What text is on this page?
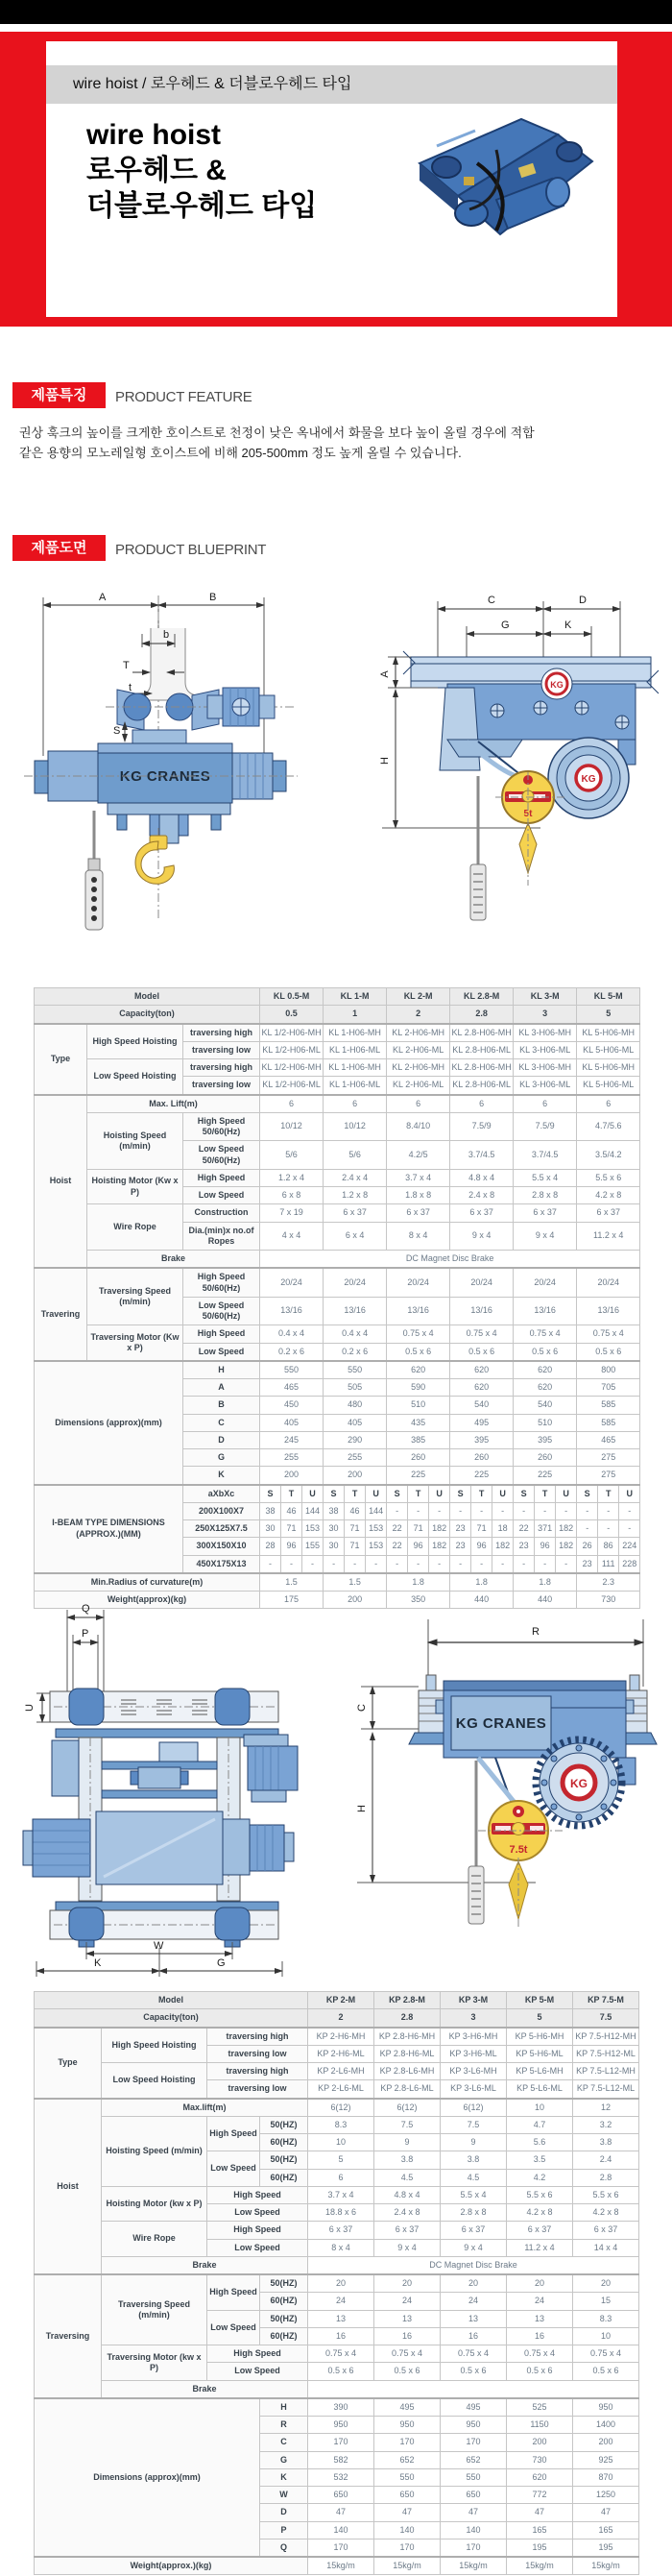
wire hoist / 로우헤드 & 더블로우헤드 타입
wire hoist
로우헤드 &
더블로우헤드 타입
제품특징	PRODUCT FEATURE
권상 훅크의 높이를 크게한 호이스트로 천정이 낮은 옥내에서 화물을 보다 높이 올릴 경우에 적합
같은 용향의 모노레일형 호이스트에 비해 205-500mm 정도 높게 올릴 수 있습니다.
제품도면	PRODUCT BLUEPRINT
A	B
b
T
t
S
KG CRANES
C	D
G	K
A
H
KG
KG
5t
Model			KL 0.5-M			KL 1-M			KL 2-M			KL 2.8-M			KL 3-M			KL 5-M		
Capacity(ton)			0.5			1			2			2.8			3			5		
Type	High Speed Hoisting	traversing high	KL 1/2-H06-MH			KL 1-H06-MH			KL 2-H06-MH			KL 2.8-H06-MH			KL 3-H06-MH			KL 5-H06-MH		
		traversing low	KL 1/2-H06-ML			KL 1-H06-ML			KL 2-H06-ML			KL 2.8-H06-ML			KL 3-H06-ML			KL 5-H06-ML		
	Low Speed Hoisting	traversing high	KL 1/2-H06-MH			KL 1-H06-MH			KL 2-H06-MH			KL 2.8-H06-MH			KL 3-H06-MH			KL 5-H06-MH		
		traversing low	KL 1/2-H06-ML			KL 1-H06-ML			KL 2-H06-ML			KL 2.8-H06-ML			KL 3-H06-ML			KL 5-H06-ML		
Hoist	Max. Lift(m)		6			6			6			6			6			6		
	Hoisting Speed (m/min)	High Speed 50/60(Hz)	10/12			10/12			8.4/10			7.5/9			7.5/9			4.7/5.6		
		Low Speed 50/60(Hz)	5/6			5/6			4.2/5			3.7/4.5			3.7/4.5			3.5/4.2		
	Hoisting Motor (Kw x P)	High Speed	1.2 x 4			2.4 x 4			3.7 x 4			4.8 x 4			5.5 x 4			5.5 x 6		
		Low Speed	6 x 8			1.2 x 8			1.8 x 8			2.4 x 8			2.8 x 8			4.2 x 8		
	Wire Rope	Construction	7 x 19			6 x 37			6 x 37			6 x 37			6 x 37			6 x 37		
		Dia.(min)x no.of Ropes	4 x 4			6 x 4			8 x 4			9 x 4			9 x 4			11.2 x 4		
	Brake		DC Magnet Disc Brake																	
Travering	Traversing Speed (m/min)	High Speed 50/60(Hz)	20/24			20/24			20/24			20/24			20/24			20/24		
		Low Speed 50/60(Hz)	13/16			13/16			13/16			13/16			13/16			13/16		
	Traversing Motor (Kw x P)	High Speed	0.4 x 4			0.4 x 4			0.75 x 4			0.75 x 4			0.75 x 4			0.75 x 4		
		Low Speed	0.2 x 6			0.2 x 6			0.5 x 6			0.5 x 6			0.5 x 6			0.5 x 6		
Dimensions (approx)(mm)		H	550			550			620			620			620			800		
		A	465			505			590			620			620			705		
		B	450			480			510			540			540			585		
		C	405			405			435			495			510			585		
		D	245			290			385			395			395			465		
		G	255			255			260			260			260			275		
		K	200			200			225			225			225			275		
I-BEAM TYPE DIMENSIONS (APPROX.)(MM)		aXbXc	S	T	U	S	T	U	S	T	U	S	T	U	S	T	U	S	T	U
		200X100X7	38	46	144	38	46	144	-	-	-	-	-	-	-	-	-	-	-	-
		250X125X7.5	30	71	153	30	71	153	22	71	182	23	71	18	22	371	182	-	-	-
		300X150X10	28	96	155	30	71	153	22	96	182	23	96	182	23	96	182	26	86	224
		450X175X13	-	-	-	-	-	-	-	-	-	-	-	-	-	-	-	23	111	228
Min.Radius of curvature(m)			1.5			1.5			1.8			1.8			1.8			2.3		
Weight(approx)(kg)			175			200			350			440			440			730		
Q
P
U
W
K	G
R
C
H
KG CRANES
KG
7.5t
Model				KP 2-M	KP 2.8-M	KP 3-M	KP 5-M	KP 7.5-M
Capacity(ton)				2	2.8	3	5	7.5
Type	High Speed Hoisting	traversing high		KP 2-H6-MH	KP 2.8-H6-MH	KP 3-H6-MH	KP 5-H6-MH	KP 7.5-H12-MH
		traversing low		KP 2-H6-ML	KP 2.8-H6-ML	KP 3-H6-ML	KP 5-H6-ML	KP 7.5-H12-ML
	Low Speed Hoisting	traversing high		KP 2-L6-MH	KP 2.8-L6-MH	KP 3-L6-MH	KP 5-L6-MH	KP 7.5-L12-MH
		traversing low		KP 2-L6-ML	KP 2.8-L6-ML	KP 3-L6-ML	KP 5-L6-ML	KP 7.5-L12-ML
Hoist	Max.lift(m)			6(12)	6(12)	6(12)	10	12
	Hoisting Speed (m/min)	High Speed	50(HZ)	8.3	7.5	7.5	4.7	3.2
			60(HZ)	10	9	9	5.6	3.8
		Low Speed	50(HZ)	5	3.8	3.8	3.5	2.4
			60(HZ)	6	4.5	4.5	4.2	2.8
	Hoisting Motor (kw x P)	High Speed		3.7 x 4	4.8 x 4	5.5 x 4	5.5 x 6	5.5 x 6
		Low Speed		18.8 x 6	2.4 x 8	2.8 x 8	4.2 x 8	4.2 x 8
	Wire Rope	High Speed		6 x 37	6 x 37	6 x 37	6 x 37	6 x 37
		Low Speed		8 x 4	9 x 4	9 x 4	11.2 x 4	14 x 4
	Brake			DC Magnet Disc Brake				
Traversing	Traversing Speed (m/min)	High Speed	50(HZ)	20	20	20	20	20
			60(HZ)	24	24	24	24	15
		Low Speed	50(HZ)	13	13	13	13	8.3
			60(HZ)	16	16	16	16	10
	Traversing Motor (kw x P)	High Speed		0.75 x 4	0.75 x 4	0.75 x 4	0.75 x 4	0.75 x 4
		Low Speed		0.5 x 6	0.5 x 6	0.5 x 6	0.5 x 6	0.5 x 6
	Brake							
Dimensions (approx)(mm)			H	390	495	495	525	950
			R	950	950	950	1150	1400
			C	170	170	170	200	200
			G	582	652	652	730	925
			K	532	550	550	620	870
			W	650	650	650	772	1250
			D	47	47	47	47	47
			P	140	140	140	165	165
			Q	170	170	170	195	195
Weight(approx.)(kg)				15kg/m	15kg/m	15kg/m	15kg/m	15kg/m
